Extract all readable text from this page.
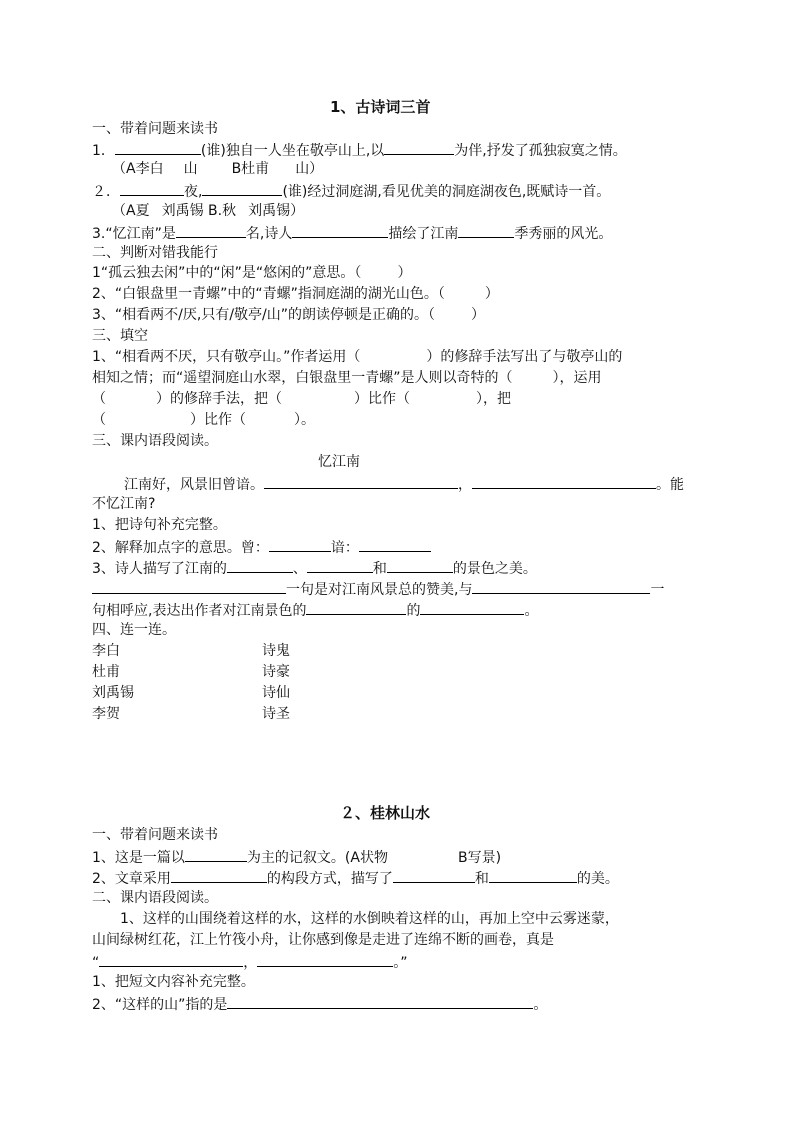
1、古诗词三首
一、带着问题来读书
1．	(谁)独自一人坐在敬亭山上,以	为伴,抒发了孤独寂寞之情。
（A李白 山 B杜甫 山）
２．	夜,	(谁)经过洞庭湖,看见优美的洞庭湖夜色,既赋诗一首。
（A夏 刘禹锡 B.秋 刘禹锡）
3.“忆江南”是	名,诗人	描绘了江南	季秀丽的风光。
二、判断对错我能行
1“孤云独去闲”中的“闲”是“悠闲的”意思。（	）
2、“白银盘里一青螺”中的“青螺”指洞庭湖的湖光山色。（	）
3、“相看两不/厌,只有/敬亭/山”的朗读停顿是正确的。（	）
三、填空
1、“相看两不厌，只有敬亭山。”作者运用（	）的修辞手法写出了与敬亭山的
相知之情；而“遥望洞庭山水翠，白银盘里一青螺”是人则以奇特的（	），运用
（	）的修辞手法，把（	）比作（	），把
（	）比作（	）。
三、课内语段阅读。
忆江南
江南好，风景旧曾谙。	，	。能
不忆江南?
1、把诗句补充完整。
2、解释加点字的意思。曾：	谙：
3、诗人描写了江南的	、	和	的景色之美。
一句是对江南风景总的赞美,与	一
句相呼应,表达出作者对江南景色的	的	。
四、连一连。
李白	诗鬼
杜甫	诗豪
刘禹锡	诗仙
李贺	诗圣
２、桂林山水
一、带着问题来读书
1、这是一篇以	为主的记叙文。(A状物	B写景)
2、文章采用	的构段方式，描写了	和	的美。
二、课内语段阅读。
1、这样的山围绕着这样的水，这样的水倒映着这样的山，再加上空中云雾迷蒙，
山间绿树红花，江上竹筏小舟，让你感到像是走进了连绵不断的画卷，真是
“	，	。”
1、把短文内容补充完整。
2、“这样的山”指的是	。
